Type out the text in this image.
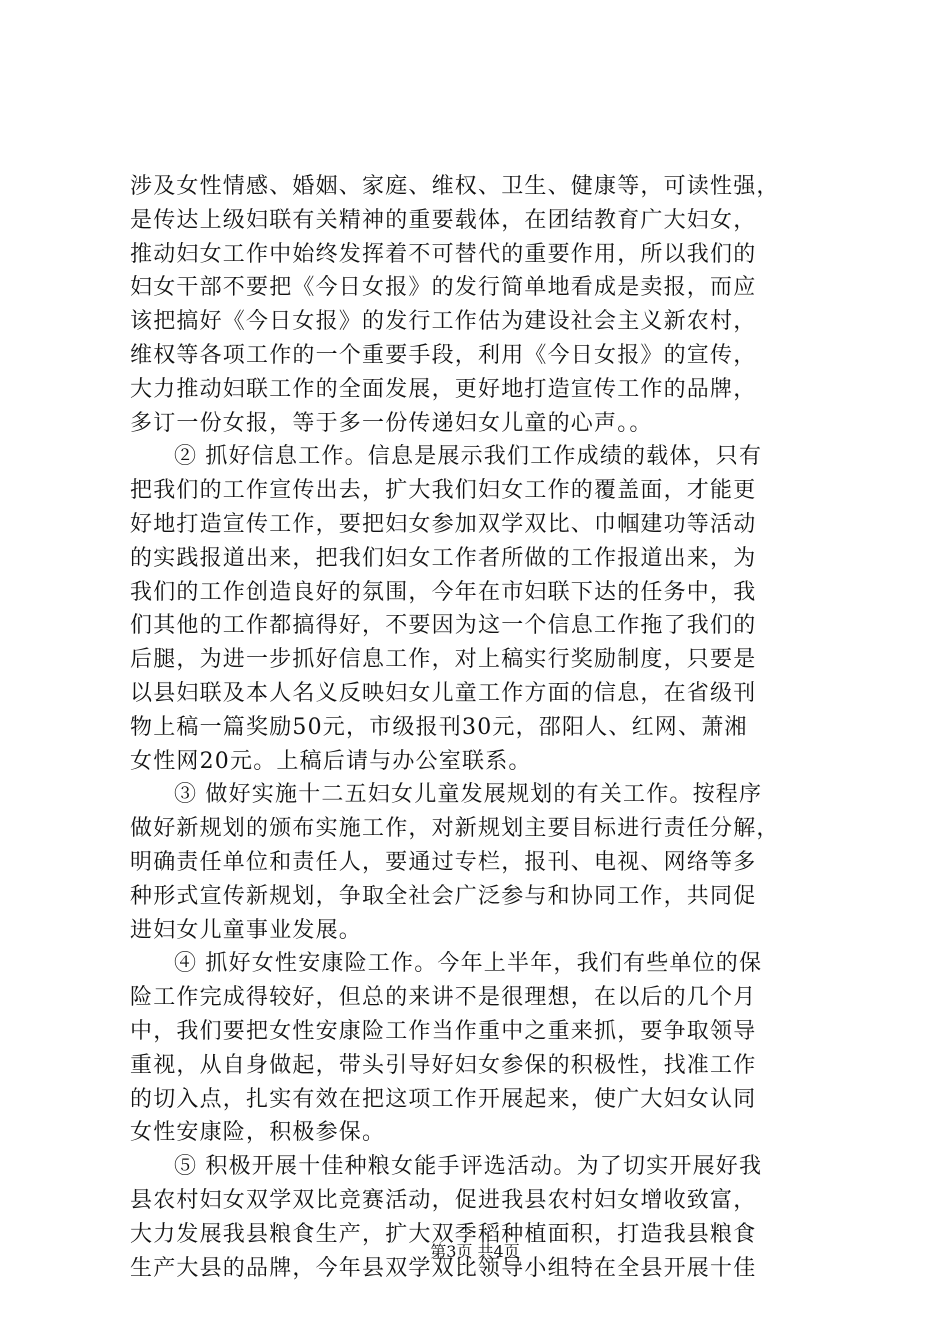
涉及女性情感、婚姻、家庭、维权、卫生、健康等，可读性强，
是传达上级妇联有关精神的重要载体，在团结教育广大妇女，
推动妇女工作中始终发挥着不可替代的重要作用，所以我们的
妇女干部不要把《今日女报》的发行简单地看成是卖报，而应
该把搞好《今日女报》的发行工作估为建设社会主义新农村，
维权等各项工作的一个重要手段，利用《今日女报》的宣传，
大力推动妇联工作的全面发展，更好地打造宣传工作的品牌，
多订一份女报，等于多一份传递妇女儿童的心声。。
② 抓好信息工作。信息是展示我们工作成绩的载体，只有
把我们的工作宣传出去，扩大我们妇女工作的覆盖面，才能更
好地打造宣传工作，要把妇女参加双学双比、巾帼建功等活动
的实践报道出来，把我们妇女工作者所做的工作报道出来，为
我们的工作创造良好的氛围，今年在市妇联下达的任务中，我
们其他的工作都搞得好，不要因为这一个信息工作拖了我们的
后腿，为进一步抓好信息工作，对上稿实行奖励制度，只要是
以县妇联及本人名义反映妇女儿童工作方面的信息，在省级刊
物上稿一篇奖励50元，市级报刊30元，邵阳人、红网、萧湘
女性网20元。上稿后请与办公室联系。
③ 做好实施十二五妇女儿童发展规划的有关工作。按程序
做好新规划的颁布实施工作，对新规划主要目标进行责任分解，
明确责任单位和责任人，要通过专栏，报刊、电视、网络等多
种形式宣传新规划，争取全社会广泛参与和协同工作，共同促
进妇女儿童事业发展。
④ 抓好女性安康险工作。今年上半年，我们有些单位的保
险工作完成得较好，但总的来讲不是很理想，在以后的几个月
中，我们要把女性安康险工作当作重中之重来抓，要争取领导
重视，从自身做起，带头引导好妇女参保的积极性，找准工作
的切入点，扎实有效在把这项工作开展起来，使广大妇女认同
女性安康险，积极参保。
⑤ 积极开展十佳种粮女能手评选活动。为了切实开展好我
县农村妇女双学双比竞赛活动，促进我县农村妇女增收致富，
大力发展我县粮食生产，扩大双季稻种植面积，打造我县粮食
生产大县的品牌，今年县双学双比领导小组特在全县开展十佳
第3页 共4页
